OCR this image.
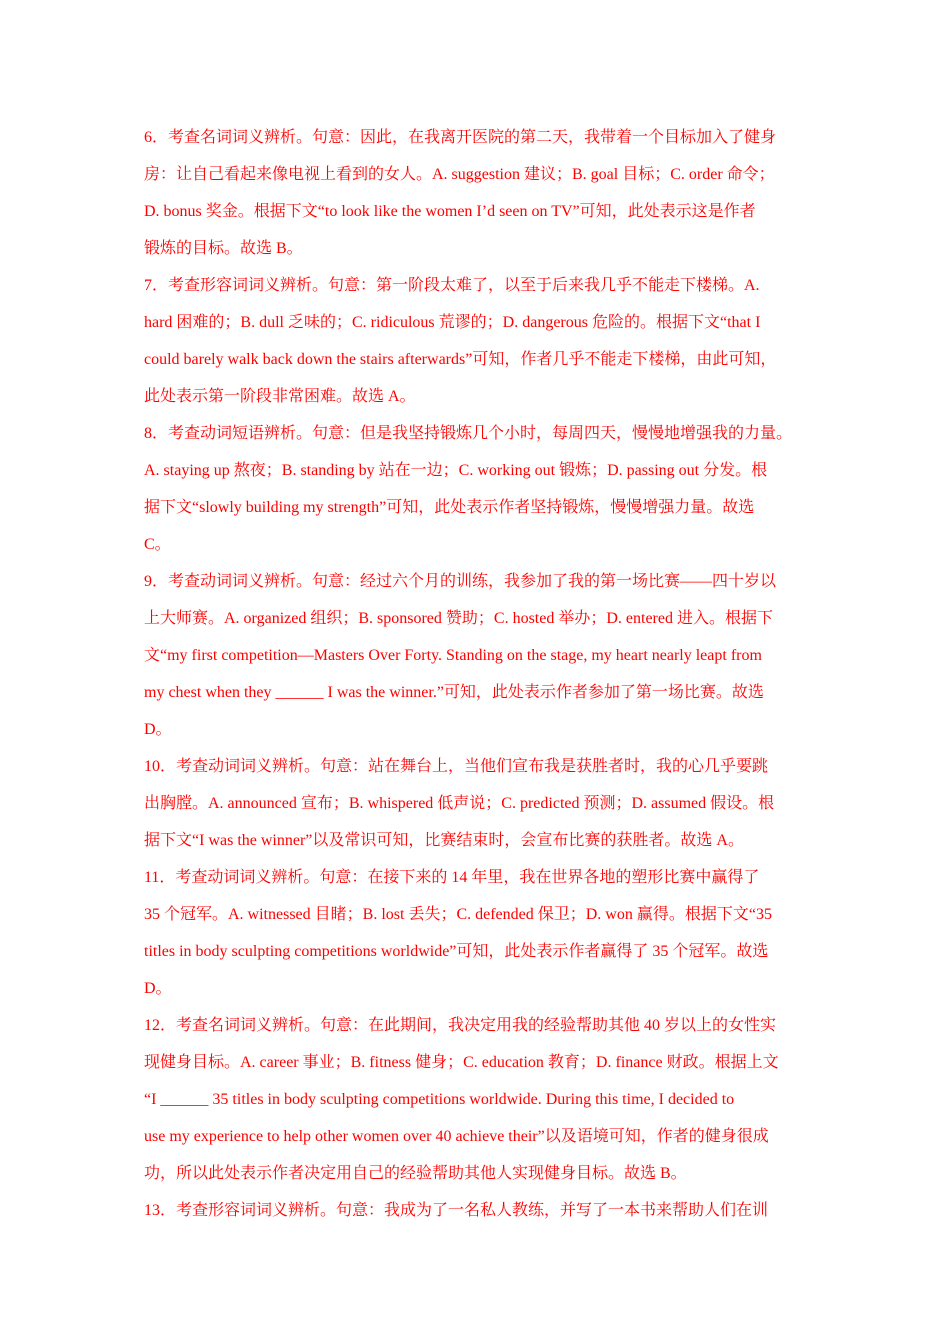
6．考查名词词义辨析。句意：因此，在我离开医院的第二天，我带着一个目标加入了健身
房：让自己看起来像电视上看到的女人。A. suggestion 建议；B. goal 目标；C. order 命令；
D. bonus 奖金。根据下文“to look like the women I’d seen on TV”可知，此处表示这是作者
锻炼的目标。故选 B。
7．考查形容词词义辨析。句意：第一阶段太难了，以至于后来我几乎不能走下楼梯。A.
hard 困难的；B. dull 乏味的；C. ridiculous 荒谬的；D. dangerous 危险的。根据下文“that I
could barely walk back down the stairs afterwards”可知，作者几乎不能走下楼梯，由此可知，
此处表示第一阶段非常困难。故选 A。
8．考查动词短语辨析。句意：但是我坚持锻炼几个小时，每周四天，慢慢地增强我的力量。
A. staying up 熬夜；B. standing by 站在一边；C. working out 锻炼；D. passing out 分发。根
据下文“slowly building my strength”可知，此处表示作者坚持锻炼，慢慢增强力量。故选
C。
9．考查动词词义辨析。句意：经过六个月的训练，我参加了我的第一场比赛——四十岁以
上大师赛。A. organized 组织；B. sponsored 赞助；C. hosted 举办；D. entered 进入。根据下
文“my first competition—Masters Over Forty. Standing on the stage, my heart nearly leapt from
my chest when they ______ I was the winner.”可知，此处表示作者参加了第一场比赛。故选
D。
10．考查动词词义辨析。句意：站在舞台上，当他们宣布我是获胜者时，我的心几乎要跳
出胸膛。A. announced 宣布；B. whispered 低声说；C. predicted 预测；D. assumed 假设。根
据下文“I was the winner”以及常识可知，比赛结束时，会宣布比赛的获胜者。故选 A。
11．考查动词词义辨析。句意：在接下来的 14 年里，我在世界各地的塑形比赛中赢得了
35 个冠军。A. witnessed 目睹；B. lost 丢失；C. defended 保卫；D. won 赢得。根据下文“35
titles in body sculpting competitions worldwide”可知，此处表示作者赢得了 35 个冠军。故选
D。
12．考查名词词义辨析。句意：在此期间，我决定用我的经验帮助其他 40 岁以上的女性实
现健身目标。A. career 事业；B. fitness 健身；C. education 教育；D. finance 财政。根据上文
“I ______ 35 titles in body sculpting competitions worldwide. During this time, I decided to
use my experience to help other women over 40 achieve their”以及语境可知，作者的健身很成
功，所以此处表示作者决定用自己的经验帮助其他人实现健身目标。故选 B。
13．考查形容词词义辨析。句意：我成为了一名私人教练，并写了一本书来帮助人们在训
